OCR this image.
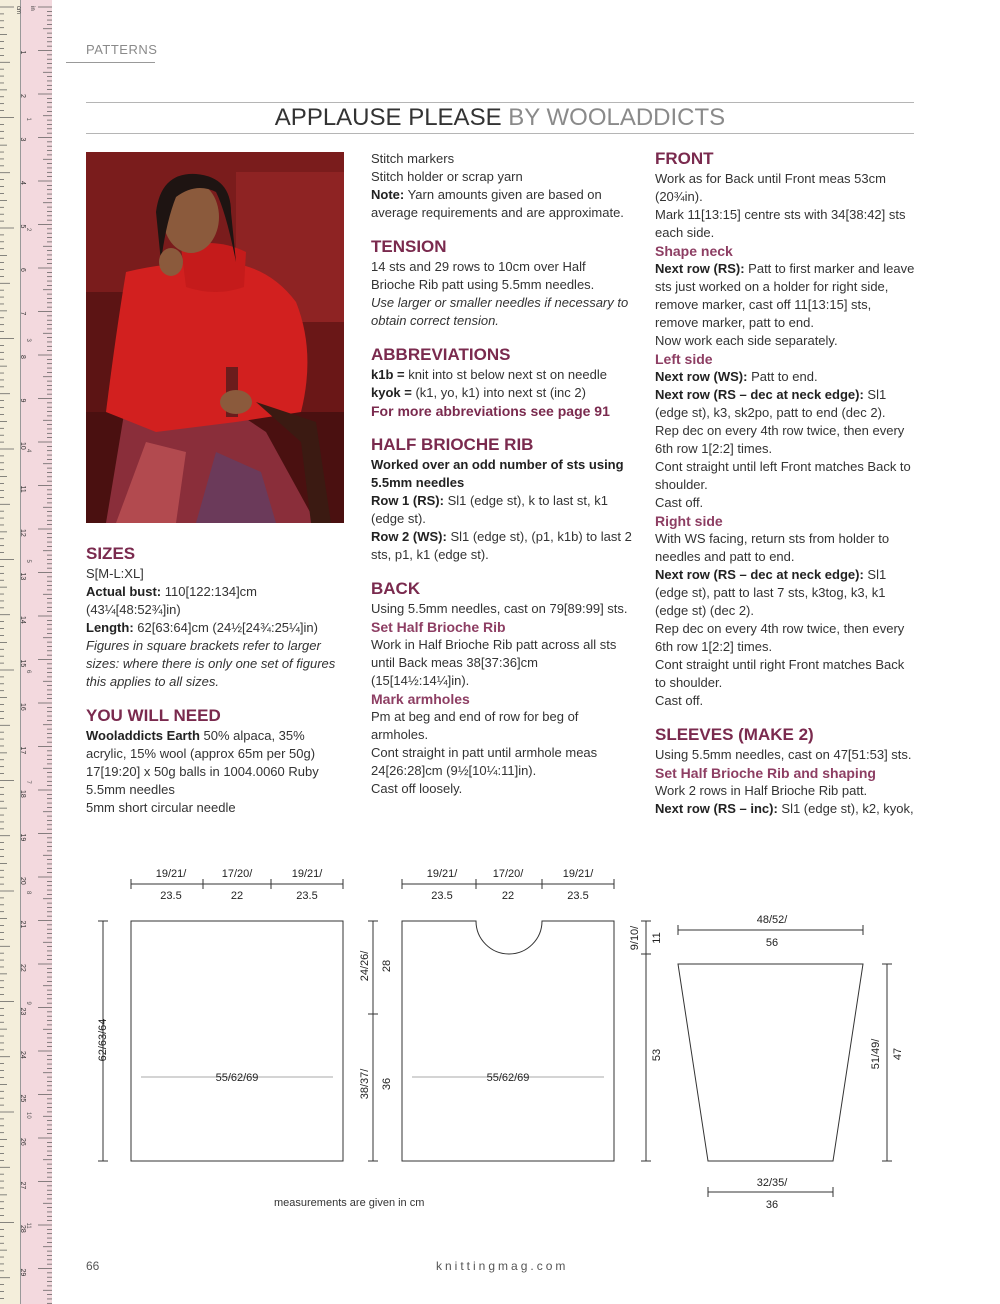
1
2
3
4
5
6
7
8
9
10
11
12
13
14
15
16
17
18
19
20
21
22
23
24
25
26
27
28
29
1
2
3
4
5
6
7
8
9
10
11
cm in
PATTERNS
APPLAUSE PLEASE BY WOOLADDICTS
SIZES

S[M-L:XL]

Actual bust: 110[122:134]cm

(43¼[48:52¾]in)

Length: 62[63:64]cm (24½[24¾:25¼]in)

Figures in square brackets refer to larger sizes: where there is only one set of figures this applies to all sizes.

YOU WILL NEED

Wooladdicts Earth 50% alpaca, 35% acrylic, 15% wool (approx 65m per 50g)

17[19:20] x 50g balls in 1004.0060 Ruby

5.5mm needles

5mm short circular needle

Stitch markers

Stitch holder or scrap yarn

Note: Yarn amounts given are based on average requirements and are approximate.

TENSION

14 sts and 29 rows to 10cm over Half Brioche Rib patt using 5.5mm needles.

Use larger or smaller needles if necessary to obtain correct tension.

ABBREVIATIONS

k1b = knit into st below next st on needle

kyok = (k1, yo, k1) into next st (inc 2)

For more abbreviations see page 91

HALF BRIOCHE RIB

Worked over an odd number of sts using 5.5mm needles

Row 1 (RS): Sl1 (edge st), k to last st, k1 (edge st).

Row 2 (WS): Sl1 (edge st), (p1, k1b) to last 2 sts, p1, k1 (edge st).

BACK

Using 5.5mm needles, cast on 79[89:99] sts.

Set Half Brioche Rib

Work in Half Brioche Rib patt across all sts until Back meas 38[37:36]cm (15[14½:14¼]in).

Mark armholes

Pm at beg and end of row for beg of armholes.

Cont straight in patt until armhole meas 24[26:28]cm (9½[10¼:11]in).

Cast off loosely.

FRONT

Work as for Back until Front meas 53cm (20¾in).

Mark 11[13:15] centre sts with 34[38:42] sts each side.

Shape neck

Next row (RS): Patt to first marker and leave sts just worked on a holder for right side, remove marker, cast off 11[13:15] sts, remove marker, patt to end.

Now work each side separately.

Left side

Next row (WS): Patt to end.

Next row (RS – dec at neck edge): Sl1 (edge st), k3, sk2po, patt to end (dec 2).

Rep dec on every 4th row twice, then every 6th row 1[2:2] times.

Cont straight until left Front matches Back to shoulder.

Cast off.

Right side

With WS facing, return sts from holder to needles and patt to end.

Next row (RS – dec at neck edge): Sl1 (edge st), patt to last 7 sts, k3tog, k3, k1 (edge st) (dec 2).

Rep dec on every 4th row twice, then every 6th row 1[2:2] times.

Cont straight until right Front matches Back to shoulder.

Cast off.

SLEEVES (MAKE 2)

Using 5.5mm needles, cast on 47[51:53] sts.

Set Half Brioche Rib and shaping

Work 2 rows in Half Brioche Rib patt.

Next row (RS – inc): Sl1 (edge st), k2, kyok,

19/21/
23.5
17/20/
22
19/21/
23.5
55/62/69
62/63/64
19/21/
23.5
17/20/
22
19/21/
23.5
55/62/69
24/26/ 28
38/37/ 36
9/10/ 11
53
48/52/
56
51/49/ 47
32/35/
36
measurements are given in cm
66	knittingmag.com
